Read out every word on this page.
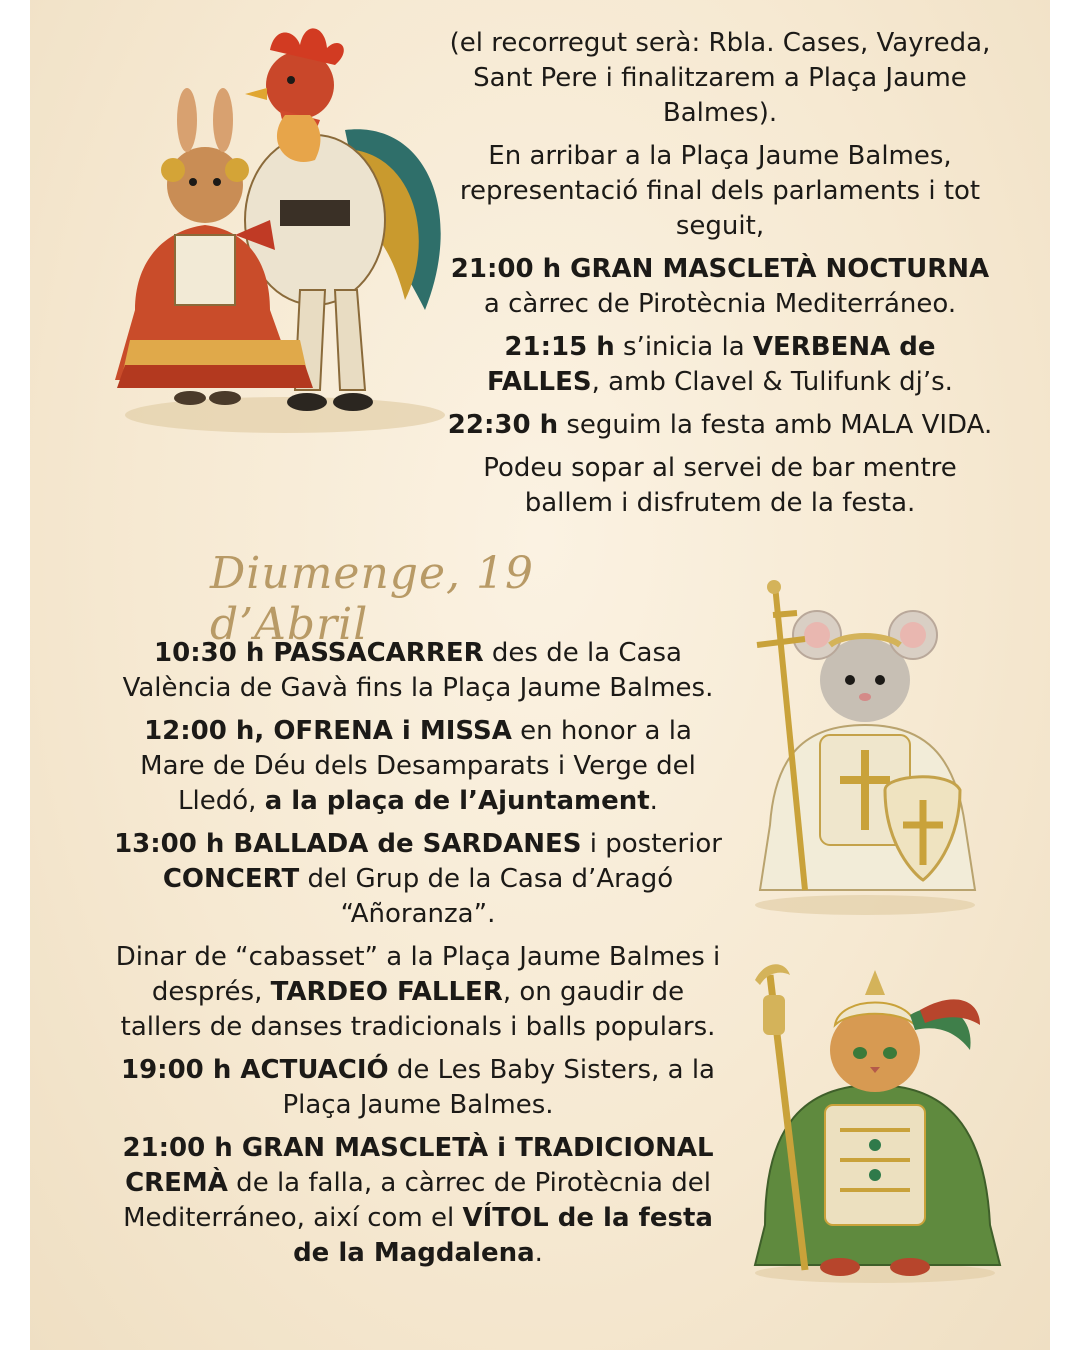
(el recorregut serà: Rbla. Cases, Vayreda, Sant Pere i finalitzarem a Plaça Jaume Balmes).

En arribar a la Plaça Jaume Balmes, representació final dels parlaments i tot seguit,

21:00 h GRAN MASCLETÀ NOCTURNA a càrrec de Pirotècnia Mediterráneo.

21:15 h s’inicia la VERBENA de FALLES, amb Clavel & Tulifunk dj’s.

22:30 h seguim la festa amb MALA VIDA.

Podeu sopar al servei de bar mentre ballem i disfrutem de la festa.

Diumenge, 19 d’Abril

10:30 h PASSACARRER des de la Casa València de Gavà fins la Plaça Jaume Balmes.

12:00 h, OFRENA i MISSA en honor a la Mare de Déu dels Desamparats i Verge del Lledó, a la plaça de l’Ajuntament.

13:00 h BALLADA de SARDANES i posterior CONCERT del Grup de la Casa d’Aragó “Añoranza”.

Dinar de “cabasset” a la Plaça Jaume Balmes i després, TARDEO FALLER, on gaudir de tallers de danses tradicionals i balls populars.

19:00 h ACTUACIÓ de Les Baby Sisters, a la Plaça Jaume Balmes.

21:00 h GRAN MASCLETÀ i TRADICIONAL CREMÀ de la falla, a càrrec de Pirotècnia del Mediterráneo, així com el VÍTOL de la festa de la Magdalena.
